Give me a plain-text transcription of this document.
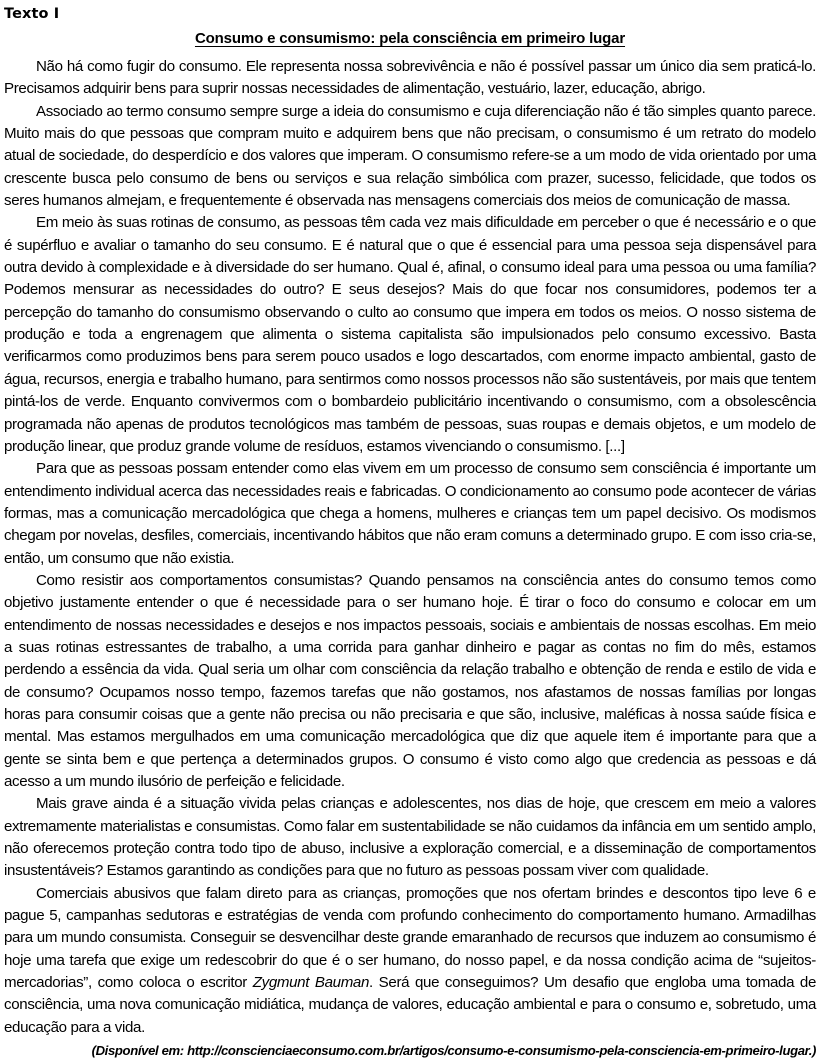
Texto I
Consumo e consumismo: pela consciência em primeiro lugar

Não há como fugir do consumo. Ele representa nossa sobrevivência e não é possível passar um único dia sem praticá-lo. Precisamos adquirir bens para suprir nossas necessidades de alimentação, vestuário, lazer, educação, abrigo.

Associado ao termo consumo sempre surge a ideia do consumismo e cuja diferenciação não é tão simples quanto parece. Muito mais do que pessoas que compram muito e adquirem bens que não precisam, o consumismo é um retrato do modelo atual de sociedade, do desperdício e dos valores que imperam. O consumismo refere-se a um modo de vida orientado por uma crescente busca pelo consumo de bens ou serviços e sua relação simbólica com prazer, sucesso, felicidade, que todos os seres humanos almejam, e frequentemente é observada nas mensagens comerciais dos meios de comunicação de massa.

Em meio às suas rotinas de consumo, as pessoas têm cada vez mais dificuldade em perceber o que é necessário e o que é supérfluo e avaliar o tamanho do seu consumo. E é natural que o que é essencial para uma pessoa seja dispensável para outra devido à complexidade e à diversidade do ser humano. Qual é, afinal, o consumo ideal para uma pessoa ou uma família? Podemos mensurar as necessidades do outro? E seus desejos? Mais do que focar nos consumidores, podemos ter a percepção do tamanho do consumismo observando o culto ao consumo que impera em todos os meios. O nosso sistema de produção e toda a engrenagem que alimenta o sistema capitalista são impulsionados pelo consumo excessivo. Basta verificarmos como produzimos bens para serem pouco usados e logo descartados, com enorme impacto ambiental, gasto de água, recursos, energia e trabalho humano, para sentirmos como nossos processos não são sustentáveis, por mais que tentem pintá-los de verde. Enquanto convivermos com o bombardeio publicitário incentivando o consumismo, com a obsolescência programada não apenas de produtos tecnológicos mas também de pessoas, suas roupas e demais objetos, e um modelo de produção linear, que produz grande volume de resíduos, estamos vivenciando o consumismo. [...]

Para que as pessoas possam entender como elas vivem em um processo de consumo sem consciência é importante um entendimento individual acerca das necessidades reais e fabricadas. O condicionamento ao consumo pode acontecer de várias formas, mas a comunicação mercadológica que chega a homens, mulheres e crianças tem um papel decisivo. Os modismos chegam por novelas, desfiles, comerciais, incentivando hábitos que não eram comuns a determinado grupo. E com isso cria-se, então, um consumo que não existia.

Como resistir aos comportamentos consumistas? Quando pensamos na consciência antes do consumo temos como objetivo justamente entender o que é necessidade para o ser humano hoje. É tirar o foco do consumo e colocar em um entendimento de nossas necessidades e desejos e nos impactos pessoais, sociais e ambientais de nossas escolhas. Em meio a suas rotinas estressantes de trabalho, a uma corrida para ganhar dinheiro e pagar as contas no fim do mês, estamos perdendo a essência da vida. Qual seria um olhar com consciência da relação trabalho e obtenção de renda e estilo de vida e de consumo? Ocupamos nosso tempo, fazemos tarefas que não gostamos, nos afastamos de nossas famílias por longas horas para consumir coisas que a gente não precisa ou não precisaria e que são, inclusive, maléficas à nossa saúde física e mental. Mas estamos mergulhados em uma comunicação mercadológica que diz que aquele item é importante para que a gente se sinta bem e que pertença a determinados grupos. O consumo é visto como algo que credencia as pessoas e dá acesso a um mundo ilusório de perfeição e felicidade.

Mais grave ainda é a situação vivida pelas crianças e adolescentes, nos dias de hoje, que crescem em meio a valores extremamente materialistas e consumistas. Como falar em sustentabilidade se não cuidamos da infância em um sentido amplo, não oferecemos proteção contra todo tipo de abuso, inclusive a exploração comercial, e a disseminação de comportamentos insustentáveis? Estamos garantindo as condições para que no futuro as pessoas possam viver com qualidade.

Comerciais abusivos que falam direto para as crianças, promoções que nos ofertam brindes e descontos tipo leve 6 e pague 5, campanhas sedutoras e estratégias de venda com profundo conhecimento do comportamento humano. Armadilhas para um mundo consumista. Conseguir se desvencilhar deste grande emaranhado de recursos que induzem ao consumismo é hoje uma tarefa que exige um redescobrir do que é o ser humano, do nosso papel, e da nossa condição acima de “sujeitos-mercadorias”, como coloca o escritor Zygmunt Bauman. Será que conseguimos? Um desafio que engloba uma tomada de consciência, uma nova comunicação midiática, mudança de valores, educação ambiental e para o consumo e, sobretudo, uma educação para a vida.

(Disponível em: http://conscienciaeconsumo.com.br/artigos/consumo-e-consumismo-pela-consciencia-em-primeiro-lugar.)
